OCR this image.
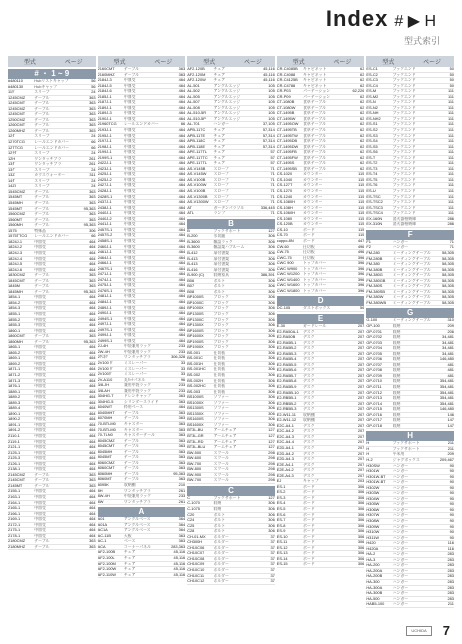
Index # ▶ H
型式索引
型式	ページ
# ・ 1 ~ 9
#480110	Hubリストキャップ	56
#480130	Hubキャップ	56
11ﾀﾞ	スリーブ	24
1245CMZ	テーブル	363
1245CMT	テーブル	363
1245CMZ	テーブル	363
1245CMT	テーブル	363
1250CMZ	テーブル	363
1260CMT	テーブル	363
1260MHZ	テーブル	363
12ﾀﾞ	スリーブ	24
1270TCG	レールエンドカバー	66
12TTCG	レールエンドカバー	66
12ﾗﾀﾞ	スリーブ	24
12H	ワンタッチブラ	261
13ﾀﾞ	ワンタッチブラ	261
13ｸﾞ	スリーブ	24
13Z	カウスウォーター	311
14ﾀﾞ	スリーブ	24
14ZI	スリーブ	24
1545CMZ	テーブル	363
1545MT	テーブル	363
1545MH	テーブル	363
1545MT	テーブル	95,363
1560CMZ	テーブル	363
1560MT	テーブル	363
1560MH	テーブル	95,363
1575	特殊品	306
1575TTCG	レールエンドカバー	66
1824J-1	中皿受	464
1824J-2	中皿受	464
1824J-3	中皿受	464
1824J-4	中皿受	464
1824J-5	中皿受	464
1824J-6	中皿受	464
1830CMZ	テーブル	363
1845CMT	テーブル	363
1845M	テーブル	363
1845MH	テーブル	95,363
1854-1	中皿受	464
1854-2	中皿受	464
1854-3	中皿受	464
1855-1	中皿受	464
1855-2	中皿受	464
1855-3	中皿受	464
1860-1	中皿受	464
1860CMT	テーブル	363
1860MH	テーブル	95,363
1865-1	中皿受	464
1865-2	中皿受	464
1869-1	中皿受	464
1869-2	中皿受	464
1871-1	中皿受	464
1871-2	中皿受	464
1871-3	中皿受	464
1876-1	中皿受	464
1889-1	中皿受	464
1889-2	中皿受	464
1889-3	中皿受	464
1889-4	中皿受	464
1890-1	中皿受	464
1890-2	中皿受	464
1891-1	中皿受	464
1891-2	中皿受	464
2110-1	中皿受	464
2119-1	中皿受	464
2121-1	中皿受	464
2125-1	中皿受	464
2125-3	中皿受	464
2126-1	中皿受	464
2138-1	中皿受	464
2145CMZ	テーブル	363
2145CMT	テーブル	363
2145MT	テーブル	363
2155-1	中皿受	464
2163-1	中皿受	464
2164-1	中皿受	464
2165-1	中皿受	464
2166-1	中皿受	464
2169-1	中皿受	464
2172-1	中皿受	464
2175-1	中皿受	464
2178-1	中皿受	464
2180CMZ	テーブル	363
2180MHZ	テーブル	363
型式	ページ
2160CMT	テーブル	363
2160MHZ	テーブル	363
2184J-3	中皿受	464
2184J-5	中皿受	464
2184J-6	中皿受	464
2185J-1	中皿受	464
2187J-1	中皿受	464
2189J-1	中皿受	464
2189J-3	中皿受	464
2190J-1	中皿受	464
21960TCG	レールエンドカバー	66
2193J-1	中皿受	464
2195J-1	中皿受	464
2197J-1	中皿受	464
2198J-1	中皿受	464
2199J-1	中皿受	464
2199S-1	中皿受	464
2422J-1	中皿受	464
2423J-1	中皿受	464
2425J-1	中皿受	464
2425J-2	中皿受	464
2427J-1	中皿受	464
2428J-1	中皿受	464
2428S-1	中皿受	464
2437J-1	中皿受	464
2438J-1	中皿受	464
2440J-1	中皿受	464
2440J-2	中皿受	464
2441J-1	中皿受	464
2457S-1	中皿受	464
2457S-2	中皿受	464
2458S-1	中皿受	464
2460J-1	中皿受	464
2461J-1	中皿受	464
2464J-1	中皿受	464
2466J-1	中皿受	464
2467S-1	中皿受	464
2471J-1	中皿受	464
2474J-1	中皿受	464
2475J-1	中皿受	464
2476S-1	中皿受	464
2481J-1	中皿受	464
2484J-1	中皿受	464
2489J-1	中皿受	464
2490J-1	中皿受	464
2494S-1	中皿受	464
2497J-1	中皿受	464
2497S-1	中皿受	464
2499J-1	中皿受	464
2499S-1	中皿受	464
2J-4H	中袋兼用ラック	233
2W-4H	中袋兼用ラック	233
2ﾜﾐﾈｸ	ワンタッチブラ	306,328
2V100 ﾀﾞ	ミスレーパー	33
2V100 ﾀﾞ	ミスレーパー	33
2V100ﾀﾞ	ミスレーパー	33
2V-A110	丸ｶｯﾄパネル	96
3/8-JH	兼用中袋ラック	233
3/8-AH	兼用中袋ラック	233
304HG-T	ドレンキャップ	363
304HG-5	シリンダースライド	363
6040WT	枠用ベース	464
6040MHT	テーブル	363
6070MH	テーブル	363
70-BTLM0	キャスター	363
70-BTLM0	キャスター	363
70-TLN0	キャスターテール	363
8045CMZ	テーブル	363
8045CMT	テーブル	363
8045MH	テーブル	363
8045MT	テーブル	363
8060CMZ	テーブル	363
8060CMT	テーブル	363
8060MH	テーブル	95,363
8060MT	テーブル	363
8095K	収納棚	210
8H	ワンタッチブラ	261
8W-4H	中袋兼用ラック	233
8W	ワンタッチブラ	261
A
A01	アングルベース	364
A01A	アングルベース	364
AC1A	アングルベース	364
AC-11B	天板	363
AC-1	ベース	363
ACA	コーナーパネル	283,363
AF2-100B	チェア	45,116
AF2-100L	チェア	45,116
AF2-100M	チェア	45,116
AF2-100W	チェア	45,116
AF2-110W	チェア	45,116
型式	ページ
AF2-120B	チェア	45,116
AF2-120M	チェア	45,116
AF2-120W	チェア	45,116
AL-501	アングルエッジ	105
AL-502	アングルエッジ	105
AL-505	アングルエッジ	105
AL-507	アングルエッジ	105
AL-508	アングルエッジ	105
AL-510-5R	アングルエッジ	105
AL-510-5P	アングルエッジ	105
AL-701	ハンガー	37,105
APB-117C	チェア	57,314
APB-117E	チェア	57,314
APB-118C	チェア	57,314
APB-118E	チェア	57,314
APE-117TL	チェア	57
APE-117TC	チェア	57
APE-117TL	チェア	57
AS-V145B	スロープ	71
AS-V145W	スロープ	71
AS-V100B	スロープ	71
AS-V100W	スロープ	71
AS-V100B	スロープ	71
AS-V1300B	スロープ	71
AS-V1300W	スロープ	71
AT	ガーデンパラソル	336,445
ATL	ランプ	71
B
B	ブックサポート	127
B-200	水切籠	306
B-3600	雑誌ラック	306
B-3600	雑誌架ハブルーム	306
B-412	扉付書架	306
B-413	扉付書架	306
B-413	扉付書架	306
B-416	扉付書架	306
B-900 (C)	収納家具	386,391
B06	ボルト	306
B07	ボルト	306
B08	ボルト	306
BP1000S	ブロック	306
BP1000C	ブロック	306
BP1000X	ブロック	306
BP1300S	ブロック	306
BP1300C	ブロック	306
BP1300X	ブロック	306
BP1600S	ブロック	306
BP1600X	ブロック	306
BP1900S	ブロック	306
BP1900X	ブロック	306
BS-001	仕切板	306
BS-001C	仕切板	306
BS-001H	仕切板	306
BS-001HC	仕切板	306
BS-002	仕切板	306
BS-002H	仕切板	306
BS-002HC	仕切板	306
BS-003	仕切板	306
BS1000S	ソファー	306
BS1000X	ソファー	306
BS1300S	ソファー	306
BS1300X	ソファー	306
BS1600S	ソファー	306
BS1600X	ソファー	306
BT3L-BU	アームチェア	127
BT3L-GR	アームチェア	127
BT3L-RD	アームチェア	127
BT3L-BLU	アームチェア	127
BW-500	スツール	298
BW-600	スツール	298
BW-700	スツール	298
BW-800	スツール	298
BW-900	スツール	298
BW-700	スツール	298
C
C	ブックサポート	127
C-1070	収納	306
C-1075	収納	306
C20	ボルト	306
C24	ボルト	306
C25	ボルト	306
C28	ボルト	306
CH-01-MX	ホルダー	37
CH300H	ホルダー	37
CH10C06	ホルダー	37
CH10C07	ホルダー	37
CH10C08	ホルダー	37
CH10C09	ホルダー	37
CH10C10	ホルダー	37
CH10C11	ホルダー	37
CH10C12	ホルダー	37
型式	ページ
CR-C4085B	キャビネット	62
CR-C4088	キャビネット	62
CR-C4125B	キャビネット	62
CR-C4788	キャビネット	62
CR-P03	パーテーション	62,226
CR-P09	パーテーション	62
CT-1080B	食卓テーブル	62
CT-1080W	食卓テーブル	62
CT-1495B	食卓テーブル	62
CT-1495W	食卓テーブル	62
CT-1495OW	食卓テーブル	62
CT-1495TB	食卓テーブル	62
CT-1495TW	食卓テーブル	62
CT-1495DB	食卓テーブル	62
CT-1495DW	食卓テーブル	62
CT-1495FB	食卓テーブル	62
CT-1495FW	食卓テーブル	62
CT-1495S	食卓テーブル	62
CT-1495SB	食卓テーブル	62
CS-1020	カウンター	115
CS-1040	カウンター	115
CS-127T	カウンター	115
CS-1270	カウンター	115
CS-1240	カウンター	115
CS-1080H	カウンター	115
CS-108H	カウンター	115
CS-1060H	カウンター	115
CS-1080	カウンター	115
CS-120B	カウンター	115
CS-10	ボード	115
CS-70	ボード	115
cuppo-8N	ボード	447
CW-60	仕切板	496
CW-75	仕切板	496
CWC-75	仕切板	396
CWC 900	トップカバー	396
CWC W900	トップカバー	396
CWC W1200 トップカバー	396
CWC W1400 トップカバー	396
CWC W1600 トップカバー	396
CWC W1800 トップカバー	396
D
DC-105	ダストボックス	56
E
E-30	ガードレール	207
E2-RA50A-1	デスク	207
E2-RA50B	デスク	207
E2-RA5B-1	デスク	207
E2-RA5B-2	デスク	207
E2-RA5B-3	デスク	207
E2-RA5B-4	デスク	207
E2-RA5B-5	デスク	207
E2-RA5B-6	デスク	207
E2-RA5B-7	デスク	207
E2-RA5B-8	デスク	207
E2-RA5B-9	デスク	207
E2-RA5B-10	デスク	207
E2-RB5B-1	デスク	207
E2-RB5B-2	デスク	207
E2-RB5B-3	デスク	207
E2-W11-11	収納棚	207
E2-W11-12	収納棚	207
E2C-A4-1	デスク	207
E2C-A4-2	デスク	207
E2C-A4-3	デスク	207
E2C-A4-4	デスク	207
E2D-A4-1	デスク	207
E2D-A4-2	デスク	207
E2D-A4-3	デスク	207
E2E-A4-1	デスク	207
E2E-A4-2	デスク	207
E2E-A4-3	デスク	207
EJ	キャップ	203
ES-1	ボード	306
ES-2	ボード	306
ES-3	ボード	306
ES-4	ボード	306
ES-5	ボード	306
ES-6	ボード	306
ES-7	ボード	306
ES-8	ボード	306
ES-9	ボード	306
ES-10	ボード	306
ES-11	ボード	306
ES-12	ボード	306
ES-13	ボード	306
ES-14	ボード	306
ES-15	ボード	306
型式	ページ
ES-C1	ブックエンド	50
ES-C2	ブックエンド	50
ES-C3	ブックエンド	50
ES-C4	ブックエンド	50
ES-M	ブックエンド	111
ES-M2	ブックエンド	111
ES-N	ブックエンド	111
ES-N2	ブックエンド	111
ES-NH	ブックエンド	111
ES-NH2	ブックエンド	111
ES-S1	ブックエンド	111
ES-S2	ブックエンド	111
ES-S3	ブックエンド	111
ES-S4	ブックエンド	111
ES-S5	ブックエンド	111
ES-S6	ブックエンド	111
ES-T	ブックエンド	111
ES-T2	ブックエンド	111
ES-T3	ブックエンド	111
ES-T4	ブックエンド	111
ES-T5	ブックエンド	111
ES-T6	ブックエンド	111
ES-U	ブックエンド	111
ES-TSC	ブックエンド	111
ES-TSC2	ブックエンド	111
ES-TSC3	ブックエンド	111
ES-TSC4	ブックエンド	111
EX-160N	消火器格納庫	286
EX-310N	消火器格納庫	286
F
F1	ハンガー	71
F2	ハンガー	71
FM-280	ミーティングテーブル	58,305
FM-280B	ミーティングテーブル	58,305
FM-380	ミーティングテーブル	58,305
FM-380B	ミーティングテーブル	58,305
FM-380G	ミーティングテーブル	58,305
FM-380GB	ミーティングテーブル	58,305
FM-380S	ミーティングテーブル	58,305
FM-380SB	ミーティングテーブル	58,305
FM-380W	ミーティングテーブル	58,305
FM-380WB	ミーティングテーブル	58,305
G
G-100	ミーティングテーブル	310
GP-100	収納	209
GP-0701	収納	206
GP-0702	収納	34,481
GP-0703	収納	34,481
GP-0704	収納	34,481
GP-0705	収納	34,481
GP-0706	収納	146,480
GP-0707	収納	481
GP-0708	収納	481
GP-0709	収納	481
GP-0710	収納	354,481
GP-0711	収納	354,481
GP-0712	収納	354,481
GP-0713	収納	354,481
GP-0714	収納	354,481
GP-0715	収納	146,480
GP-0716	収納	146
GP-0717	収納	147
GP-0718	収納	147
H
H	ブックサポート	211
H	ブックサポート	211
H	平米用	209
H-2	ジャグボックス	209,467
H30SW	ハンガー	90
H301W	ハンガー	90
H301W-BT	ハンガー	90
H301W-BT	ハンガー	90
H302W	ハンガー	90
H303W	ハンガー	90
H304W	ハンガー	90
H305W	ハンガー	90
H306W	ハンガー	90
H307W	ハンガー	90
H308W	ハンガー	90
H309W	ハンガー	90
H310W	ハンガー	90
H311W	ハンガー	90
H420	ハンガー	116
H420A	ハンガー	116
HA-2	ハンガー	283
HA-3	ハンガー	283
HA-200	ハンガー	283
HA-200A	ハンガー	283
HA-200B	ハンガー	283
HA-300	ハンガー	283
HA-300A	ハンガー	283
HA-300B	ハンガー	283
HA-500	ハンガー	283
HAB5-100	ハンガー	211
UCHIDA	7
